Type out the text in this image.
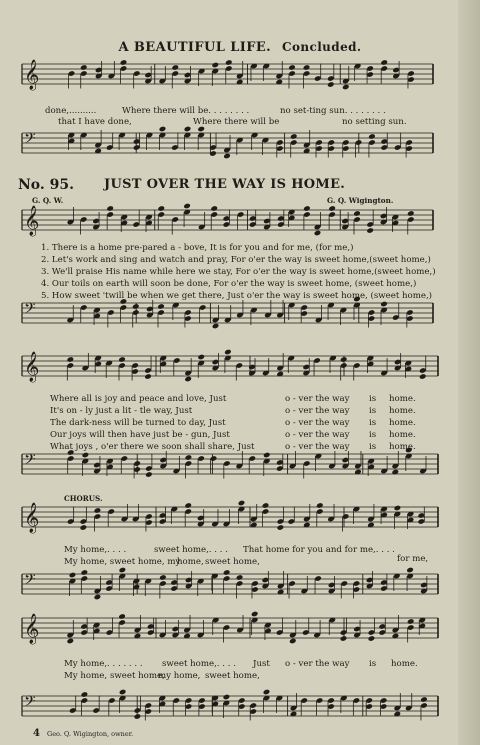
𝄞
𝄢
𝄞
𝄢
𝄞
𝄢
𝄞
𝄢
𝄞
𝄢
A BEAUTIFUL LIFE. Concluded.
done,..........	Where there will be. . . . . . . .	no set-ting sun. . . . . . . .
that I have done,	Where there will be	no setting sun.
No. 95. JUST OVER THE WAY IS HOME.
G. Q. W.	G. Q. Wigington.
1. There is a home pre-pared a - bove, It is for you and for me, (for me,)
2. Let's work and sing and watch and pray, For o'er the way is sweet home,(sweet home,)
3. We'll praise His name while here we stay, For o'er the way is sweet home,(sweet home,)
4. Our toils on earth will soon be done, For o'er the way is sweet home, (sweet home,)
5. How sweet 'twill be when we get there, Just o'er the way is sweet home, (sweet home,)
Where all is joy and peace and love, Just	o - ver the way is home.
It's on - ly just a lit - tle way, Just	o - ver the way is home.
The dark-ness will be turned to day, Just	o - ver the way is home.
Our joys will then have just be - gun, Just	o - ver the way is home.
What joys , o'er there we soon shall share, Just	o - ver the way is home.
CHORUS.
My home,. . . .	sweet home,. . . . That home for you and for me,. . . .
My home, sweet home, my
home, sweet home,	for me,
My home,. . . . . . . sweet home,. . . . Just o - ver the way is home.
My home, sweet home,
my home, sweet home,
4 Geo. Q. Wigington, owner.
